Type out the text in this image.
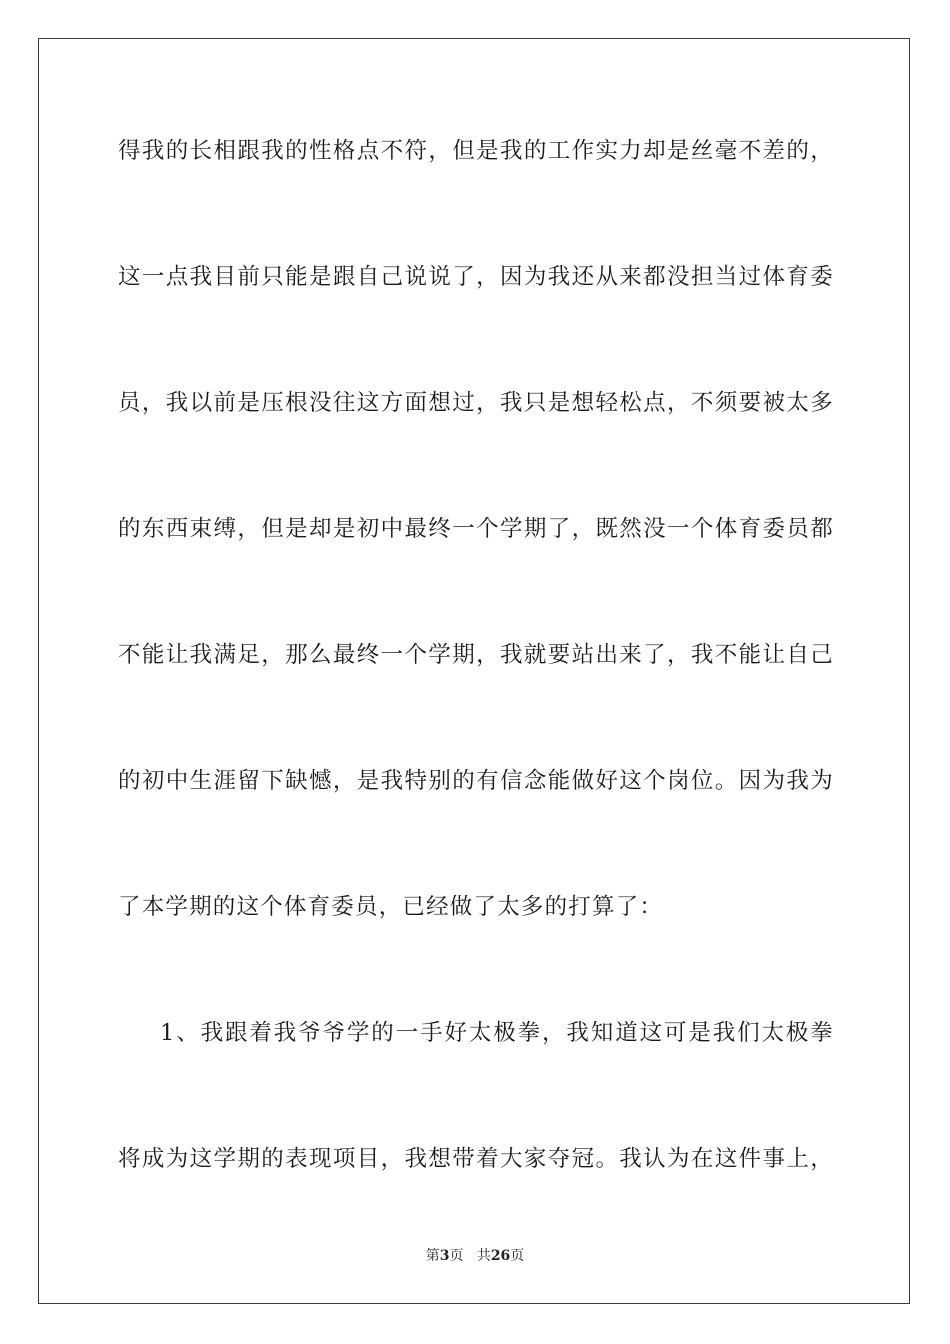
得我的长相跟我的性格点不符，但是我的工作实力却是丝毫不差的，
这一点我目前只能是跟自己说说了，因为我还从来都没担当过体育委
员，我以前是压根没往这方面想过，我只是想轻松点，不须要被太多
的东西束缚，但是却是初中最终一个学期了，既然没一个体育委员都
不能让我满足，那么最终一个学期，我就要站出来了，我不能让自己
的初中生涯留下缺憾，是我特别的有信念能做好这个岗位。因为我为
了本学期的这个体育委员，已经做了太多的打算了：
1、我跟着我爷爷学的一手好太极拳，我知道这可是我们太极拳
将成为这学期的表现项目，我想带着大家夺冠。我认为在这件事上，
第3页 共26页
